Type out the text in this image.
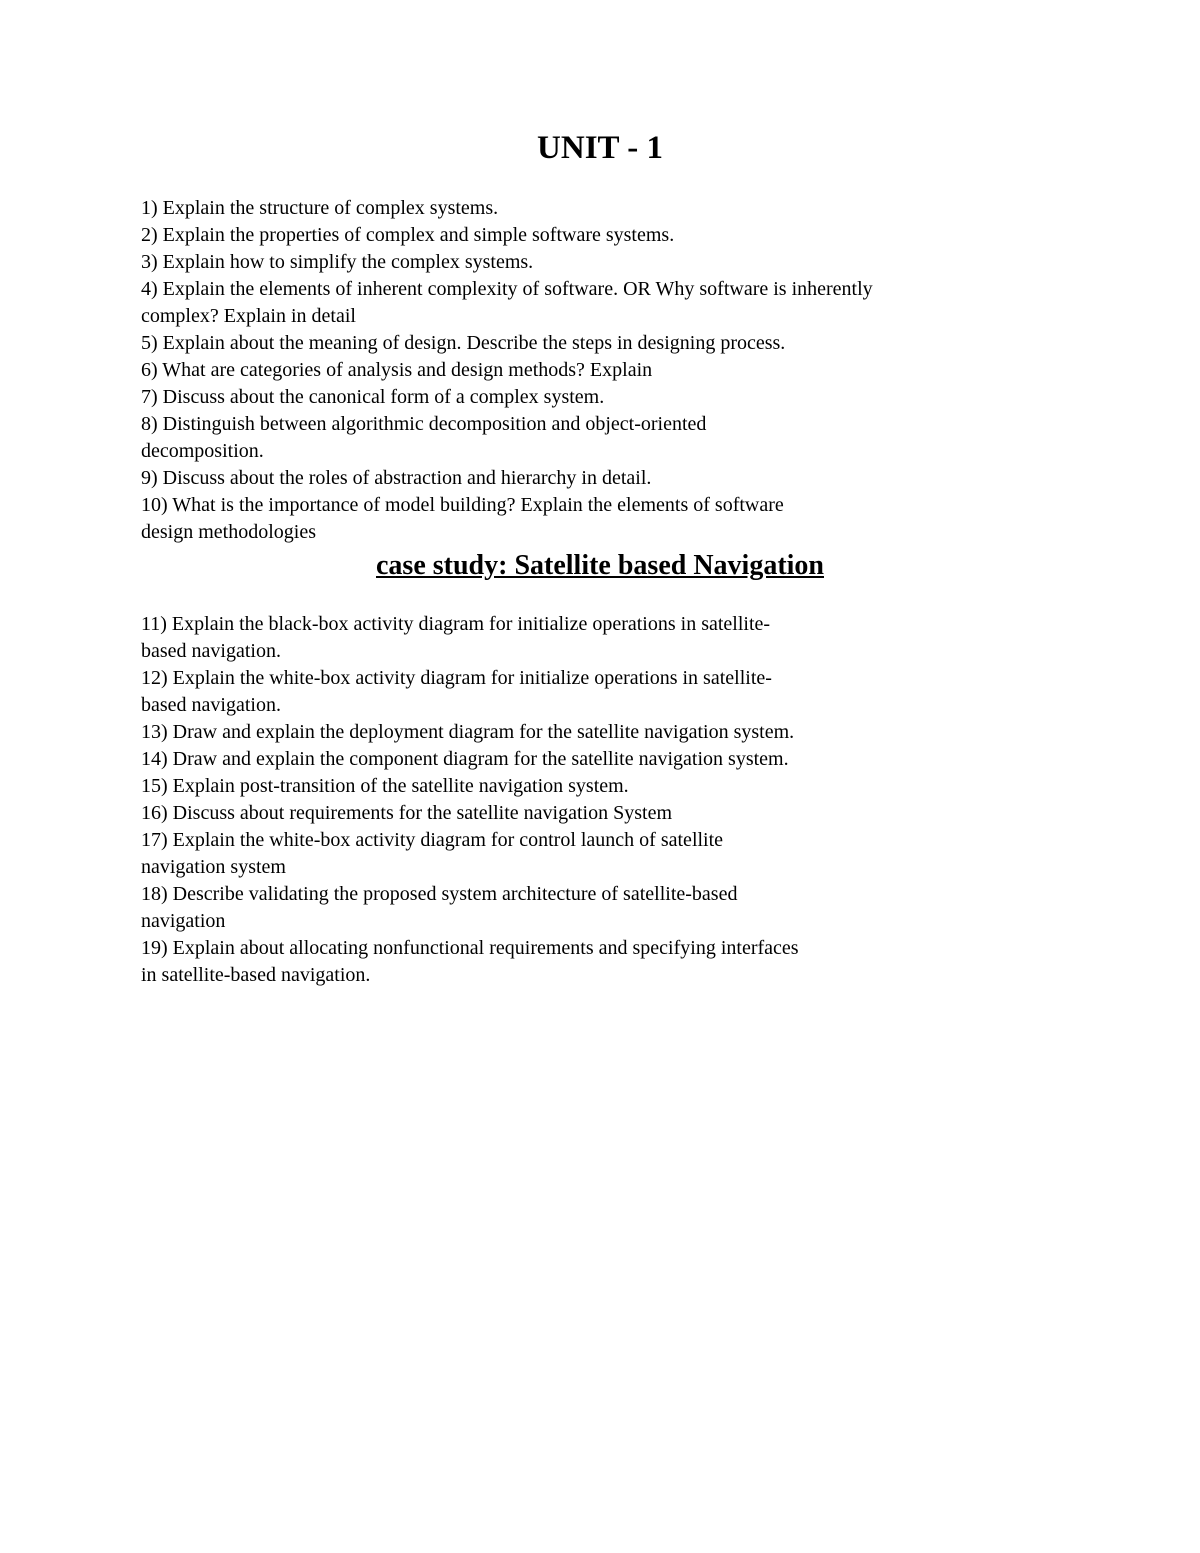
UNIT - 1
1) Explain the structure of complex systems.
2) Explain the properties of complex and simple software systems.
3) Explain how to simplify the complex systems.
4) Explain the elements of inherent complexity of software. OR Why software is inherently
complex? Explain in detail
5) Explain about the meaning of design. Describe the steps in designing process.
6) What are categories of analysis and design methods? Explain
7) Discuss about the canonical form of a complex system.
8) Distinguish between algorithmic decomposition and object-oriented
decomposition.
9) Discuss about the roles of abstraction and hierarchy in detail.
10) What is the importance of model building? Explain the elements of software
design methodologies
case study: Satellite based Navigation
11) Explain the black-box activity diagram for initialize operations in satellite-
based navigation.
12) Explain the white-box activity diagram for initialize operations in satellite-
based navigation.
13) Draw and explain the deployment diagram for the satellite navigation system.
14) Draw and explain the component diagram for the satellite navigation system.
15) Explain post-transition of the satellite navigation system.
16) Discuss about requirements for the satellite navigation System
17) Explain the white-box activity diagram for control launch of satellite
navigation system
18) Describe validating the proposed system architecture of satellite-based
navigation
19) Explain about allocating nonfunctional requirements and specifying interfaces
in satellite-based navigation.
